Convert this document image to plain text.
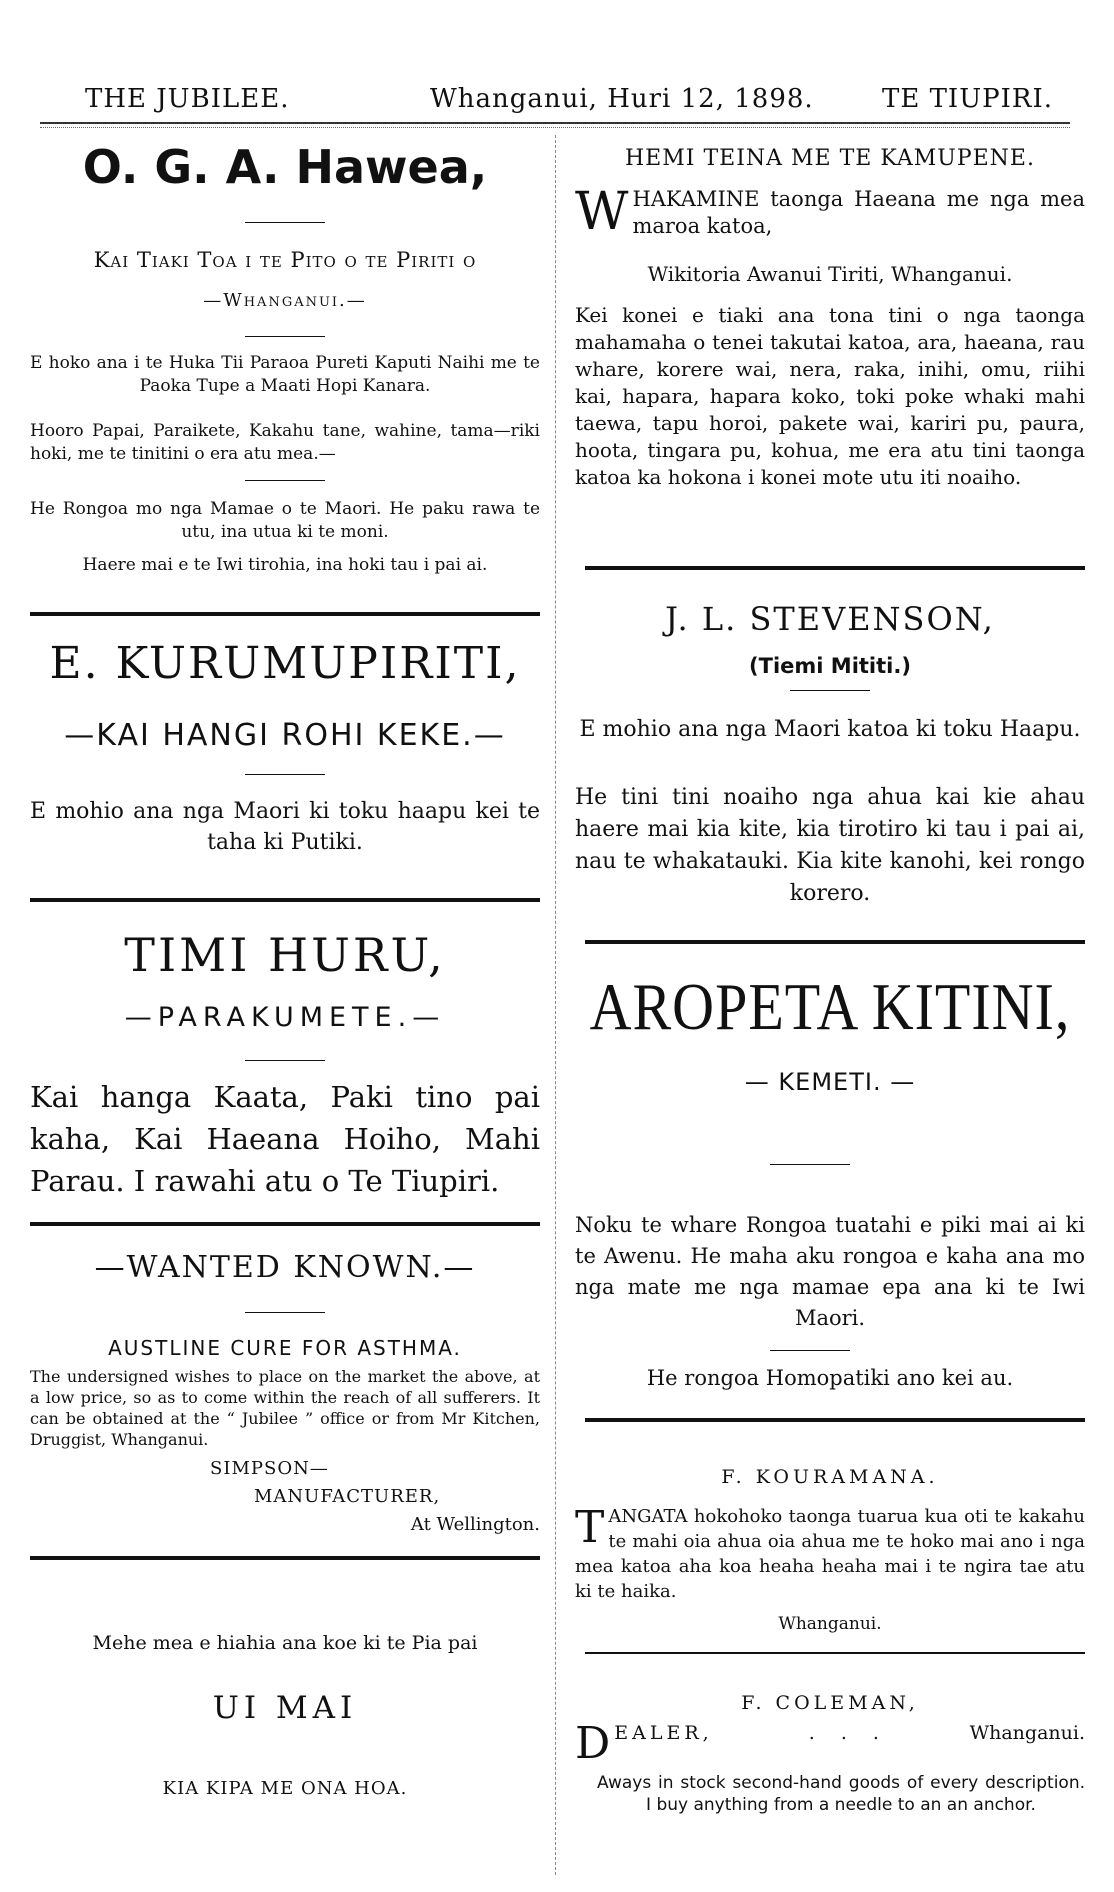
THE JUBILEE.	Whanganui, Huri 12, 1898.	TE TIUPIRI.

O. G. A. Hawea,

Kai Tiaki Toa i te Pito o te Piriti o

—Whanganui.—

E hoko ana i te Huka Tii Paraoa Pureti Kaputi Naihi me te Paoka Tupe a Maati Hopi Kanara.

Hooro Papai, Paraikete, Kakahu tane, wahine, tama—riki hoki, me te tinitini o era atu mea.—

He Rongoa mo nga Mamae o te Maori. He paku rawa te utu, ina utua ki te moni.

Haere mai e te Iwi tirohia, ina hoki tau i pai ai.

E. KURUMUPIRITI,

—KAI HANGI ROHI KEKE.—

E mohio ana nga Maori ki toku haapu kei te taha ki Putiki.

TIMI HURU,

—PARAKUMETE.—

Kai hanga Kaata, Paki tino pai kaha, Kai Haeana Hoiho, Mahi Parau. I rawahi atu o Te Tiupiri.

—WANTED KNOWN.—

AUSTLINE CURE FOR ASTHMA.

The undersigned wishes to place on the market the above, at a low price, so as to come within the reach of all sufferers. It can be obtained at the “ Jubilee ” office or from Mr Kitchen, Druggist, Whanganui.

SIMPSON—

MANUFACTURER,

At Wellington.

Mehe mea e hiahia ana koe ki te Pia pai

UI MAI

KIA KIPA ME ONA HOA.

HEMI TEINA ME TE KAMUPENE.

WHAKAMINE taonga Haeana me nga mea maroa katoa,

Wikitoria Awanui Tiriti, Whanganui.

Kei konei e tiaki ana tona tini o nga taonga mahamaha o tenei takutai katoa, ara, haeana, rau whare, korere wai, nera, raka, inihi, omu, riihi kai, hapara, hapara koko, toki poke whaki mahi taewa, tapu horoi, pakete wai, kariri pu, paura, hoota, tingara pu, kohua, me era atu tini taonga katoa ka hokona i konei mote utu iti noaiho.

J. L. STEVENSON,

(Tiemi Mititi.)

E mohio ana nga Maori katoa ki toku Haapu.

He tini tini noaiho nga ahua kai kie ahau haere mai kia kite, kia tirotiro ki tau i pai ai, nau te whakatauki. Kia kite kanohi, kei rongo korero.

AROPETA KITINI,

— KEMETI. —

Noku te whare Rongoa tuatahi e piki mai ai ki te Awenu. He maha aku rongoa e kaha ana mo nga mate me nga mamae epa ana ki te Iwi Maori.

He rongoa Homopatiki ano kei au.

F. KOURAMANA.

TANGATA hokohoko taonga tuarua kua oti te kakahu te mahi oia ahua oia ahua me te hoko mai ano i nga mea katoa aha koa heaha heaha mai i te ngira tae atu ki te haika.

Whanganui.

F. COLEMAN,

D EALER,	. . .	Whanganui.

Aways in stock second-hand goods of every description. I buy anything from a needle to an an anchor.
